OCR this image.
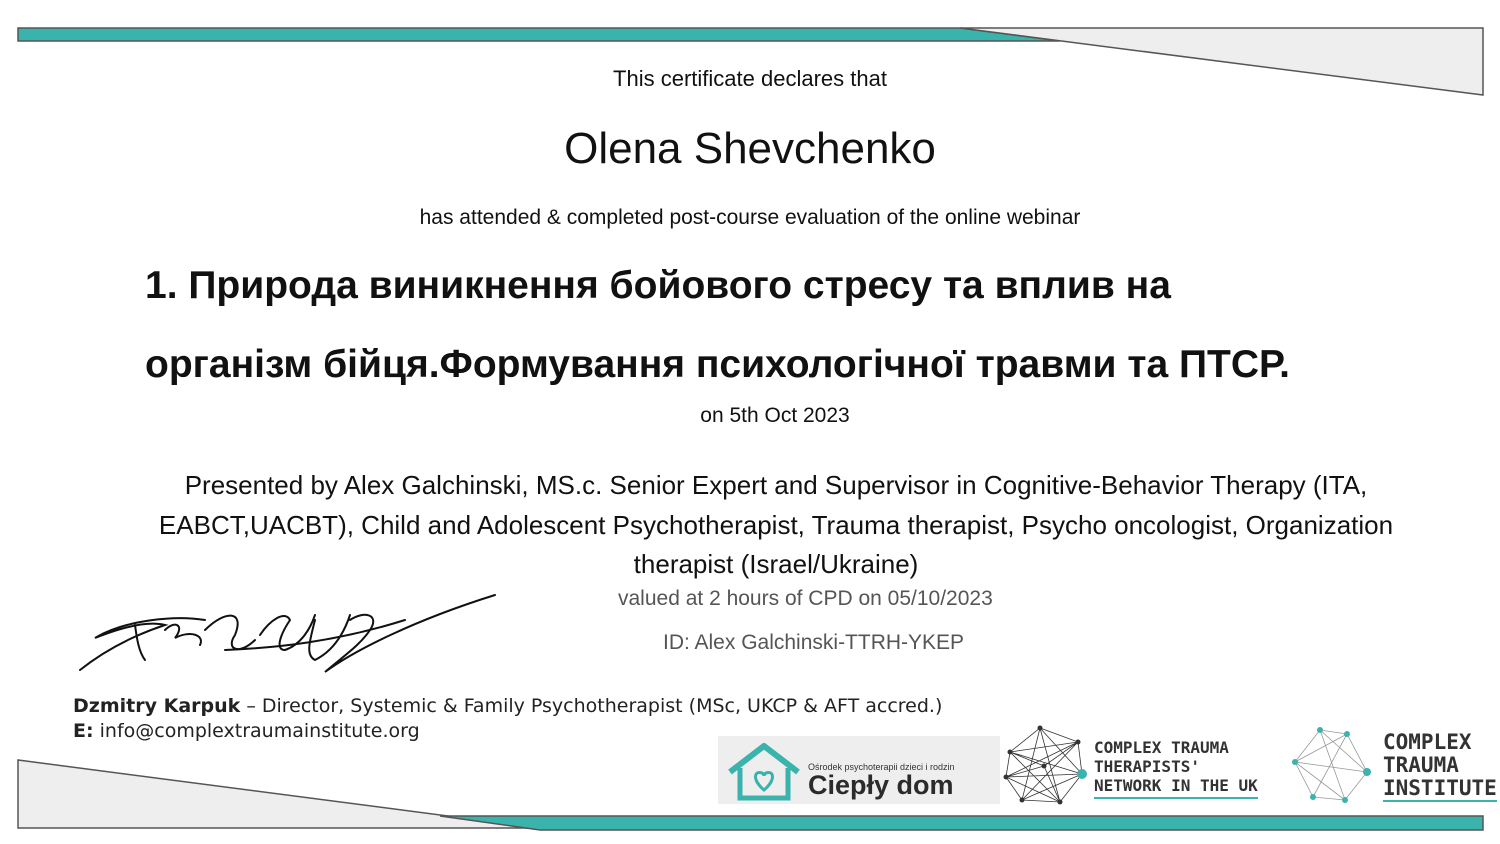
This certificate declares that
Olena Shevchenko
has attended & completed post-course evaluation of the online webinar
1. Природа виникнення бойового стресу та вплив на
організм бійця.Формування психологічної травми та ПТСР.
on 5th Oct 2023
Presented by Alex Galchinski, MS.c. Senior Expert and Supervisor in Cognitive-Behavior Therapy (ITA, EABCT,UACBT), Child and Adolescent Psychotherapist, Trauma therapist, Psycho oncologist, Organization therapist (Israel/Ukraine)
valued at 2 hours of CPD on 05/10/2023
ID: Alex Galchinski-TTRH-YKEP
Dzmitry Karpuk – Director, Systemic & Family Psychotherapist (MSc, UKCP & AFT accred.)
E: info@complextraumainstitute.org
Ośrodek psychoterapii dzieci i rodzin
Ciepły dom
COMPLEX TRAUMA
THERAPISTS'
NETWORK IN THE UK
COMPLEX
TRAUMA
INSTITUTE
